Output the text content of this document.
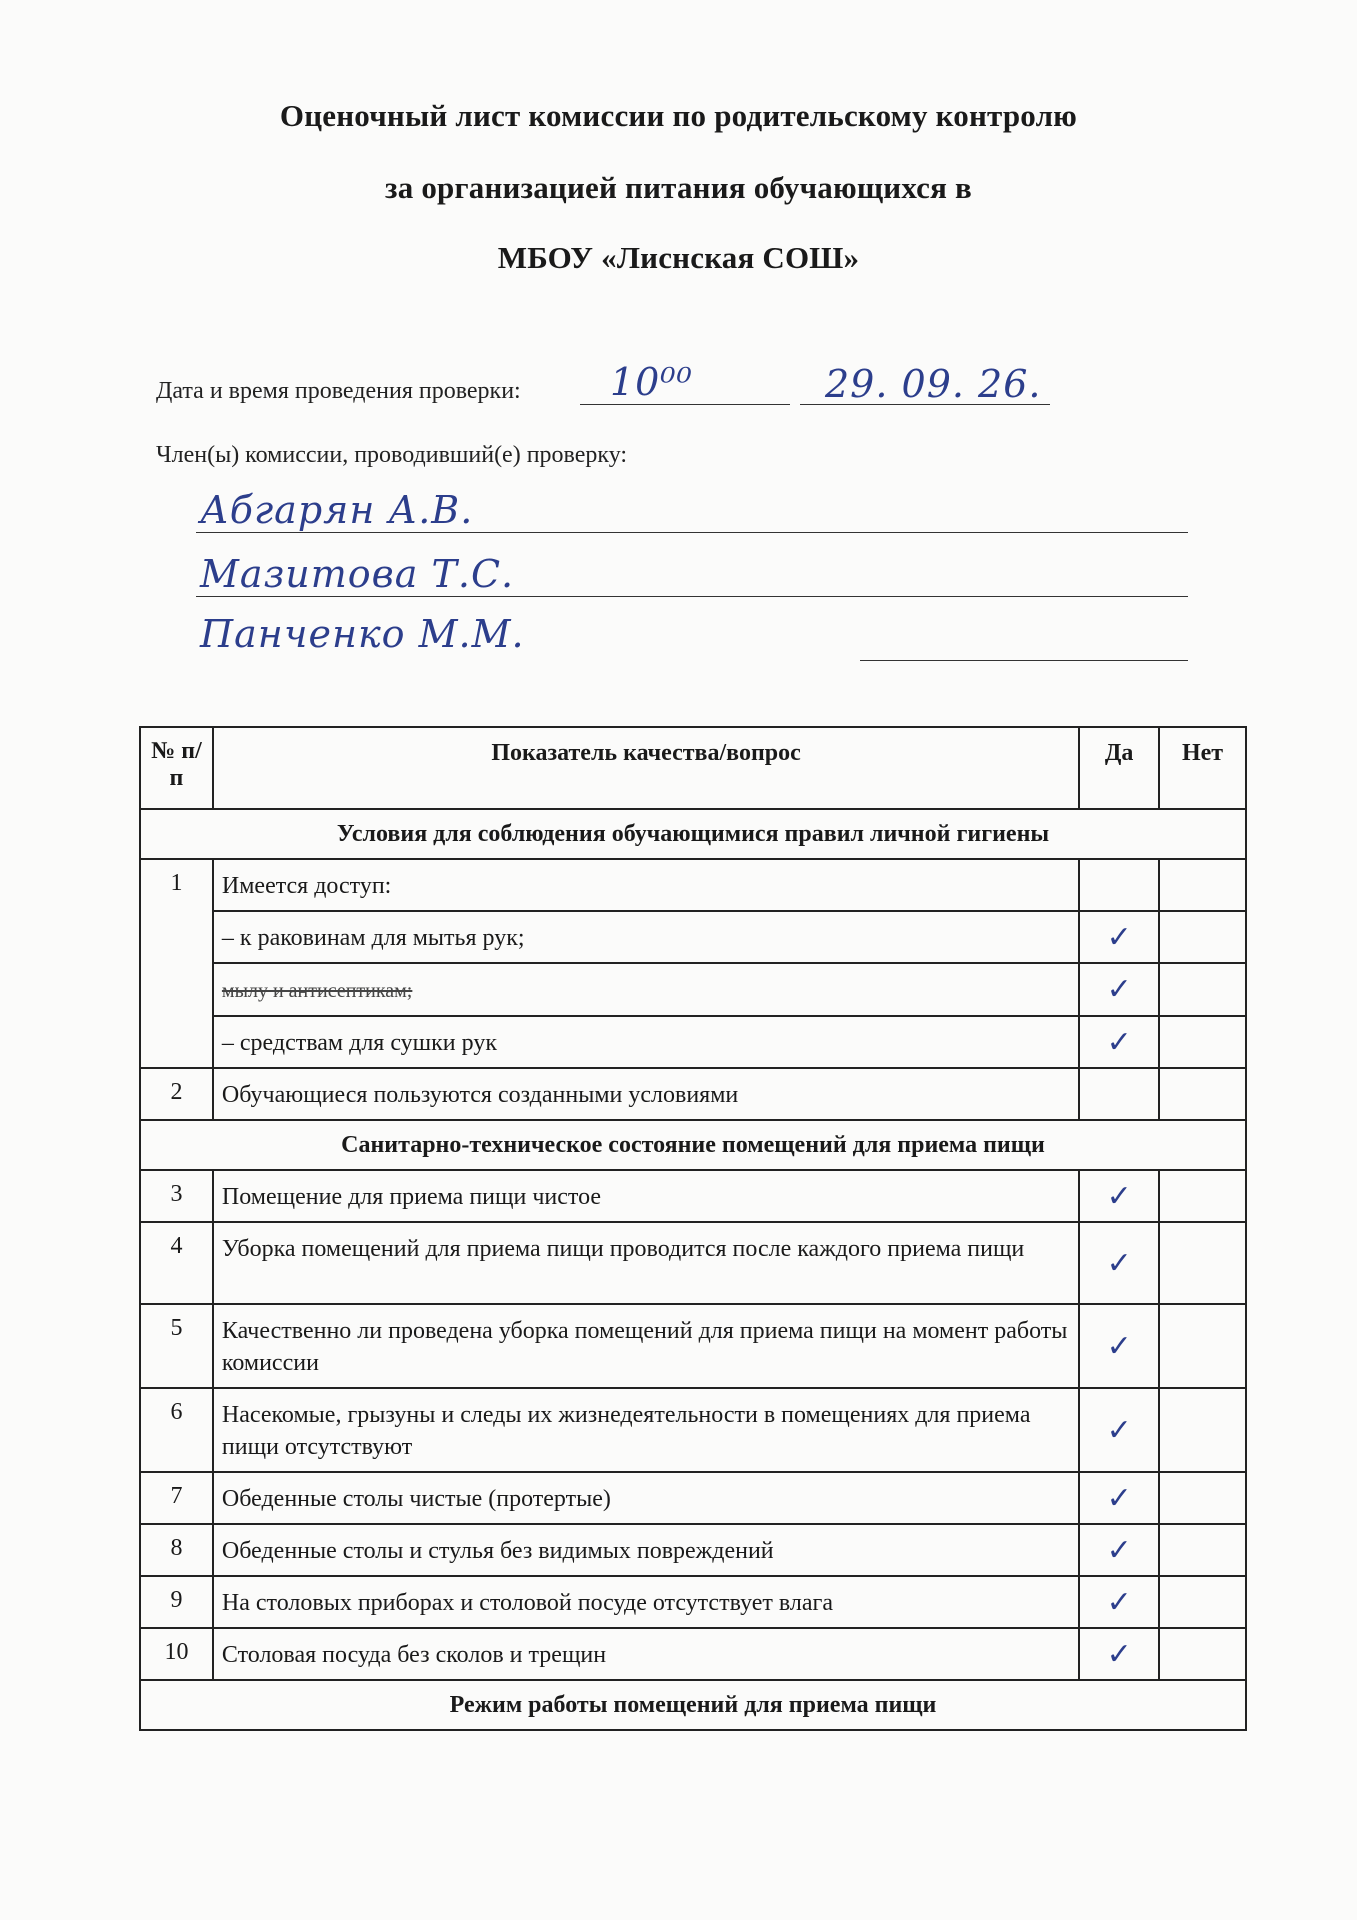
Оценочный лист комиссии по родительскому контролю
за организацией питания обучающихся в
МБОУ «Лиснская СОШ»
Дата и время проведения проверки: 10⁰⁰	29. 09. 26.
Член(ы) комиссии, проводивший(е) проверку:
Абгарян А.В.
Мазитова Т.С.
Панченко М.М.
№ п/п	Показатель качества/вопрос	Да	Нет
Условия для соблюдения обучающимися правил личной гигиены			
1	Имеется доступ:		
	– к раковинам для мытья рук;	✓	
	мылу и антисептикам;	✓	
	– средствам для сушки рук	✓	
2	Обучающиеся пользуются созданными условиями		
Санитарно-техническое состояние помещений для приема пищи			
3	Помещение для приема пищи чистое	✓	
4	Уборка помещений для приема пищи проводится после каждого приема пищи	✓	
5	Качественно ли проведена уборка помещений для приема пищи на момент работы комиссии	✓	
6	Насекомые, грызуны и следы их жизнедеятельности в помещениях для приема пищи отсутствуют	✓	
7	Обеденные столы чистые (протертые)	✓	
8	Обеденные столы и стулья без видимых повреждений	✓	
9	На столовых приборах и столовой посуде отсутствует влага	✓	
10	Столовая посуда без сколов и трещин	✓	
Режим работы помещений для приема пищи			
